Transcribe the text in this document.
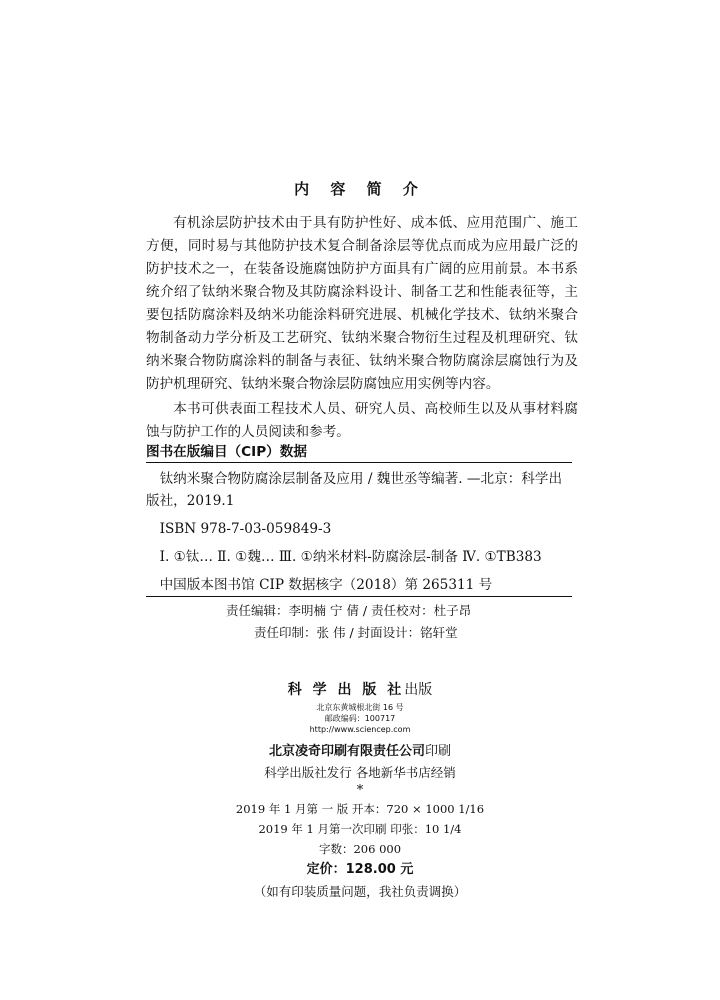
内 容 简 介

有机涂层防护技术由于具有防护性好、成本低、应用范围广、施工方便，同时易与其他防护技术复合制备涂层等优点而成为应用最广泛的防护技术之一，在装备设施腐蚀防护方面具有广阔的应用前景。本书系统介绍了钛纳米聚合物及其防腐涂料设计、制备工艺和性能表征等，主要包括防腐涂料及纳米功能涂料研究进展、机械化学技术、钛纳米聚合物制备动力学分析及工艺研究、钛纳米聚合物衍生过程及机理研究、钛纳米聚合物防腐涂料的制备与表征、钛纳米聚合物防腐涂层腐蚀行为及防护机理研究、钛纳米聚合物涂层防腐蚀应用实例等内容。

本书可供表面工程技术人员、研究人员、高校师生以及从事材料腐蚀与防护工作的人员阅读和参考。

图书在版编目（CIP）数据
钛纳米聚合物防腐涂层制备及应用 / 魏世丞等编著. —北京：科学出版社，2019.1
ISBN 978-7-03-059849-3
Ⅰ. ①钛… Ⅱ. ①魏… Ⅲ. ①纳米材料-防腐涂层-制备 Ⅳ. ①TB383
中国版本图书馆 CIP 数据核字（2018）第 265311 号
责任编辑：李明楠 宁 倩 / 责任校对：杜子昂
责任印制：张 伟 / 封面设计：铭轩堂
科 学 出 版 社出版
北京东黄城根北街 16 号
邮政编码：100717
http://www.sciencep.com
北京凌奇印刷有限责任公司印刷
科学出版社发行 各地新华书店经销
*
2019 年 1 月第 一 版 开本：720 × 1000 1/16
2019 年 1 月第一次印刷 印张：10 1/4
字数：206 000
定价：128.00 元
（如有印装质量问题，我社负责调换）
